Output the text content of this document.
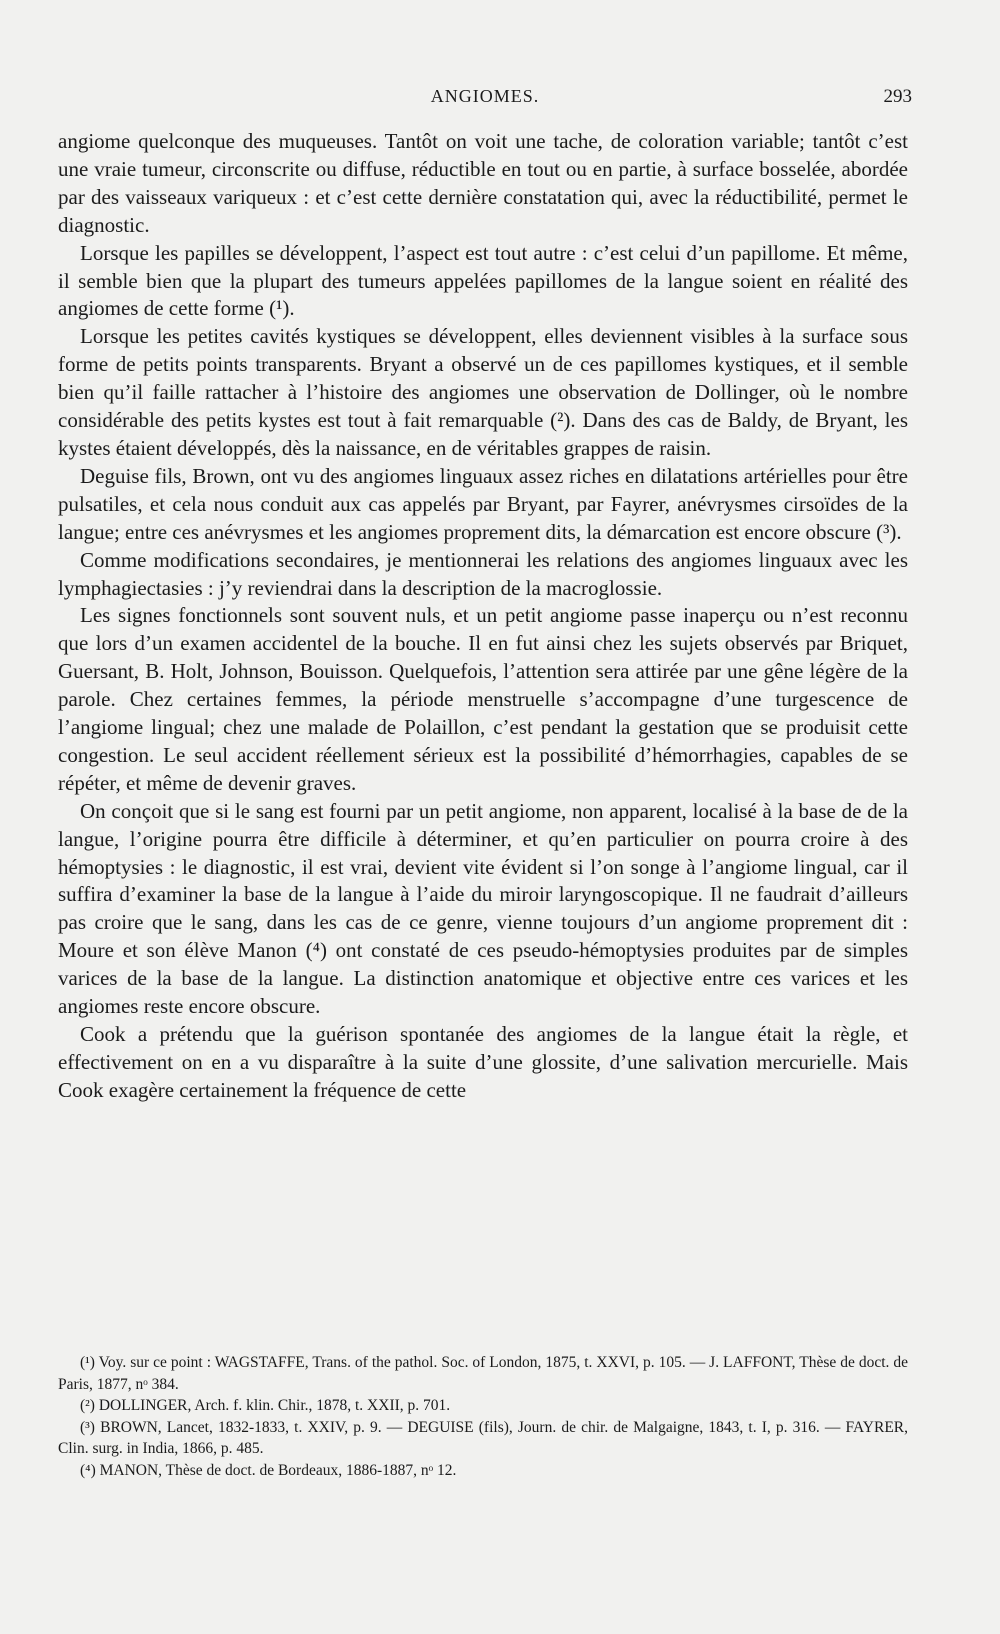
ANGIOMES.	293

angiome quelconque des muqueuses. Tantôt on voit une tache, de coloration variable; tantôt c’est une vraie tumeur, circonscrite ou diffuse, réductible en tout ou en partie, à surface bosselée, abordée par des vaisseaux variqueux : et c’est cette dernière constatation qui, avec la réductibilité, permet le diagnostic.

Lorsque les papilles se développent, l’aspect est tout autre : c’est celui d’un papillome. Et même, il semble bien que la plupart des tumeurs appelées papillomes de la langue soient en réalité des angiomes de cette forme (¹).

Lorsque les petites cavités kystiques se développent, elles deviennent visibles à la surface sous forme de petits points transparents. Bryant a observé un de ces papillomes kystiques, et il semble bien qu’il faille rattacher à l’histoire des angiomes une observation de Dollinger, où le nombre considérable des petits kystes est tout à fait remarquable (²). Dans des cas de Baldy, de Bryant, les kystes étaient développés, dès la naissance, en de véritables grappes de raisin.

Deguise fils, Brown, ont vu des angiomes linguaux assez riches en dilatations artérielles pour être pulsatiles, et cela nous conduit aux cas appelés par Bryant, par Fayrer, anévrysmes cirsoïdes de la langue; entre ces anévrysmes et les angiomes proprement dits, la démarcation est encore obscure (³).

Comme modifications secondaires, je mentionnerai les relations des angiomes linguaux avec les lymphagiectasies : j’y reviendrai dans la description de la macroglossie.

Les signes fonctionnels sont souvent nuls, et un petit angiome passe inaperçu ou n’est reconnu que lors d’un examen accidentel de la bouche. Il en fut ainsi chez les sujets observés par Briquet, Guersant, B. Holt, Johnson, Bouisson. Quelquefois, l’attention sera attirée par une gêne légère de la parole. Chez certaines femmes, la période menstruelle s’accompagne d’une turgescence de l’angiome lingual; chez une malade de Polaillon, c’est pendant la gestation que se produisit cette congestion. Le seul accident réellement sérieux est la possibilité d’hémorrhagies, capables de se répéter, et même de devenir graves.

On conçoit que si le sang est fourni par un petit angiome, non apparent, localisé à la base de de la langue, l’origine pourra être difficile à déterminer, et qu’en particulier on pourra croire à des hémoptysies : le diagnostic, il est vrai, devient vite évident si l’on songe à l’angiome lingual, car il suffira d’examiner la base de la langue à l’aide du miroir laryngoscopique. Il ne faudrait d’ailleurs pas croire que le sang, dans les cas de ce genre, vienne toujours d’un angiome proprement dit : Moure et son élève Manon (⁴) ont constaté de ces pseudo-hémoptysies produites par de simples varices de la base de la langue. La distinction anatomique et objective entre ces varices et les angiomes reste encore obscure.

Cook a prétendu que la guérison spontanée des angiomes de la langue était la règle, et effectivement on en a vu disparaître à la suite d’une glossite, d’une salivation mercurielle. Mais Cook exagère certainement la fréquence de cette

(¹) Voy. sur ce point : WAGSTAFFE, Trans. of the pathol. Soc. of London, 1875, t. XXVI, p. 105. — J. LAFFONT, Thèse de doct. de Paris, 1877, nᵒ 384.

(²) DOLLINGER, Arch. f. klin. Chir., 1878, t. XXII, p. 701.

(³) BROWN, Lancet, 1832-1833, t. XXIV, p. 9. — DEGUISE (fils), Journ. de chir. de Malgaigne, 1843, t. I, p. 316. — FAYRER, Clin. surg. in India, 1866, p. 485.

(⁴) MANON, Thèse de doct. de Bordeaux, 1886-1887, nᵒ 12.
